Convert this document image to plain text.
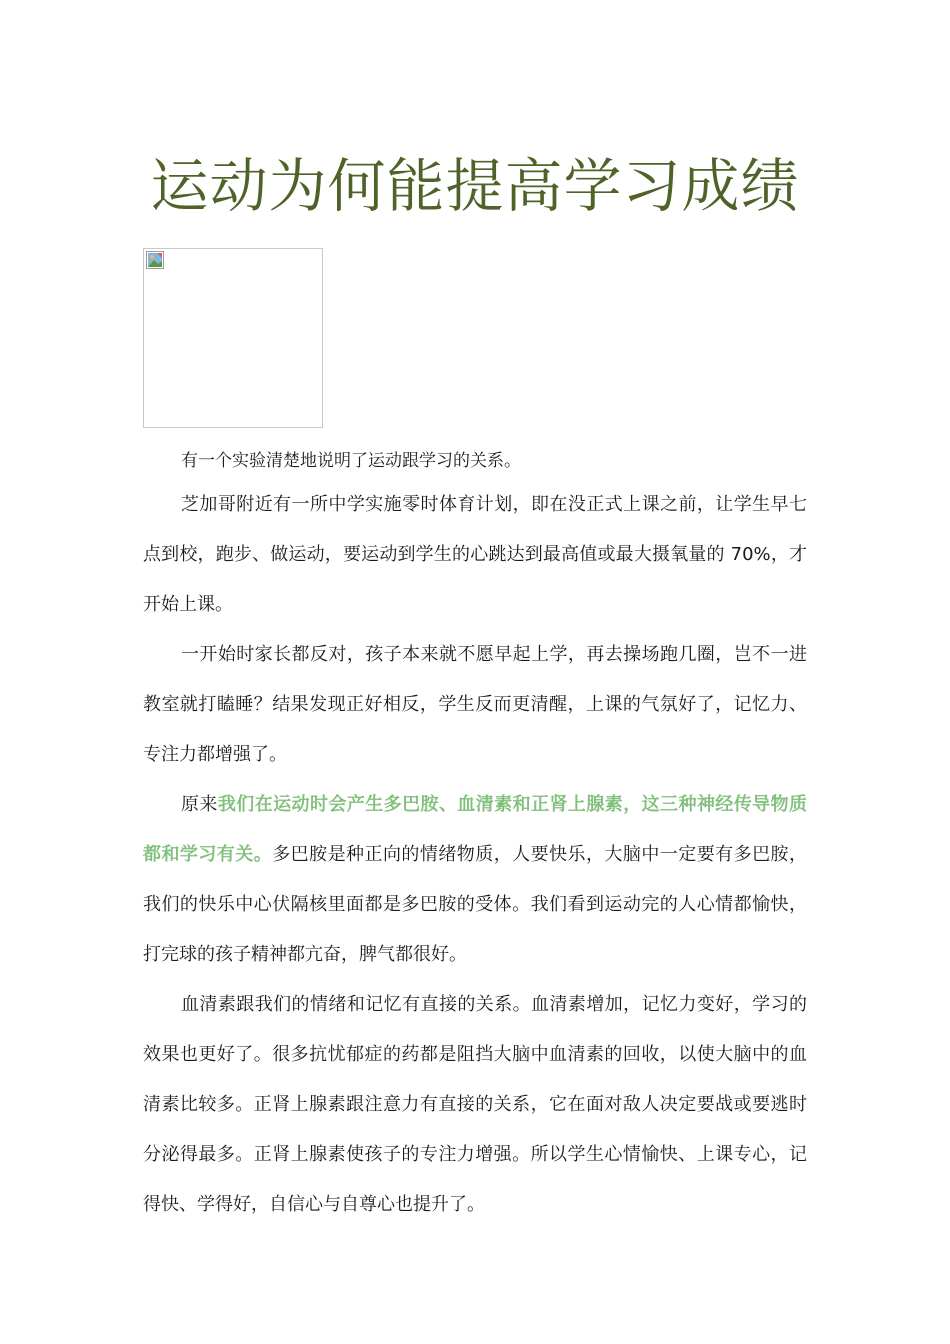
运动为何能提高学习成绩

有一个实验清楚地说明了运动跟学习的关系。

芝加哥附近有一所中学实施零时体育计划，即在没正式上课之前，让学生早七点到校，跑步、做运动，要运动到学生的心跳达到最高值或最大摄氧量的 70%，才开始上课。

一开始时家长都反对，孩子本来就不愿早起上学，再去操场跑几圈，岂不一进教室就打瞌睡？结果发现正好相反，学生反而更清醒，上课的气氛好了，记忆力、专注力都增强了。

原来我们在运动时会产生多巴胺、血清素和正肾上腺素，这三种神经传导物质都和学习有关。多巴胺是种正向的情绪物质，人要快乐，大脑中一定要有多巴胺，我们的快乐中心伏隔核里面都是多巴胺的受体。我们看到运动完的人心情都愉快，打完球的孩子精神都亢奋，脾气都很好。

血清素跟我们的情绪和记忆有直接的关系。血清素增加，记忆力变好，学习的效果也更好了。很多抗忧郁症的药都是阻挡大脑中血清素的回收，以使大脑中的血清素比较多。正肾上腺素跟注意力有直接的关系，它在面对敌人决定要战或要逃时分泌得最多。正肾上腺素使孩子的专注力增强。所以学生心情愉快、上课专心，记得快、学得好，自信心与自尊心也提升了。
